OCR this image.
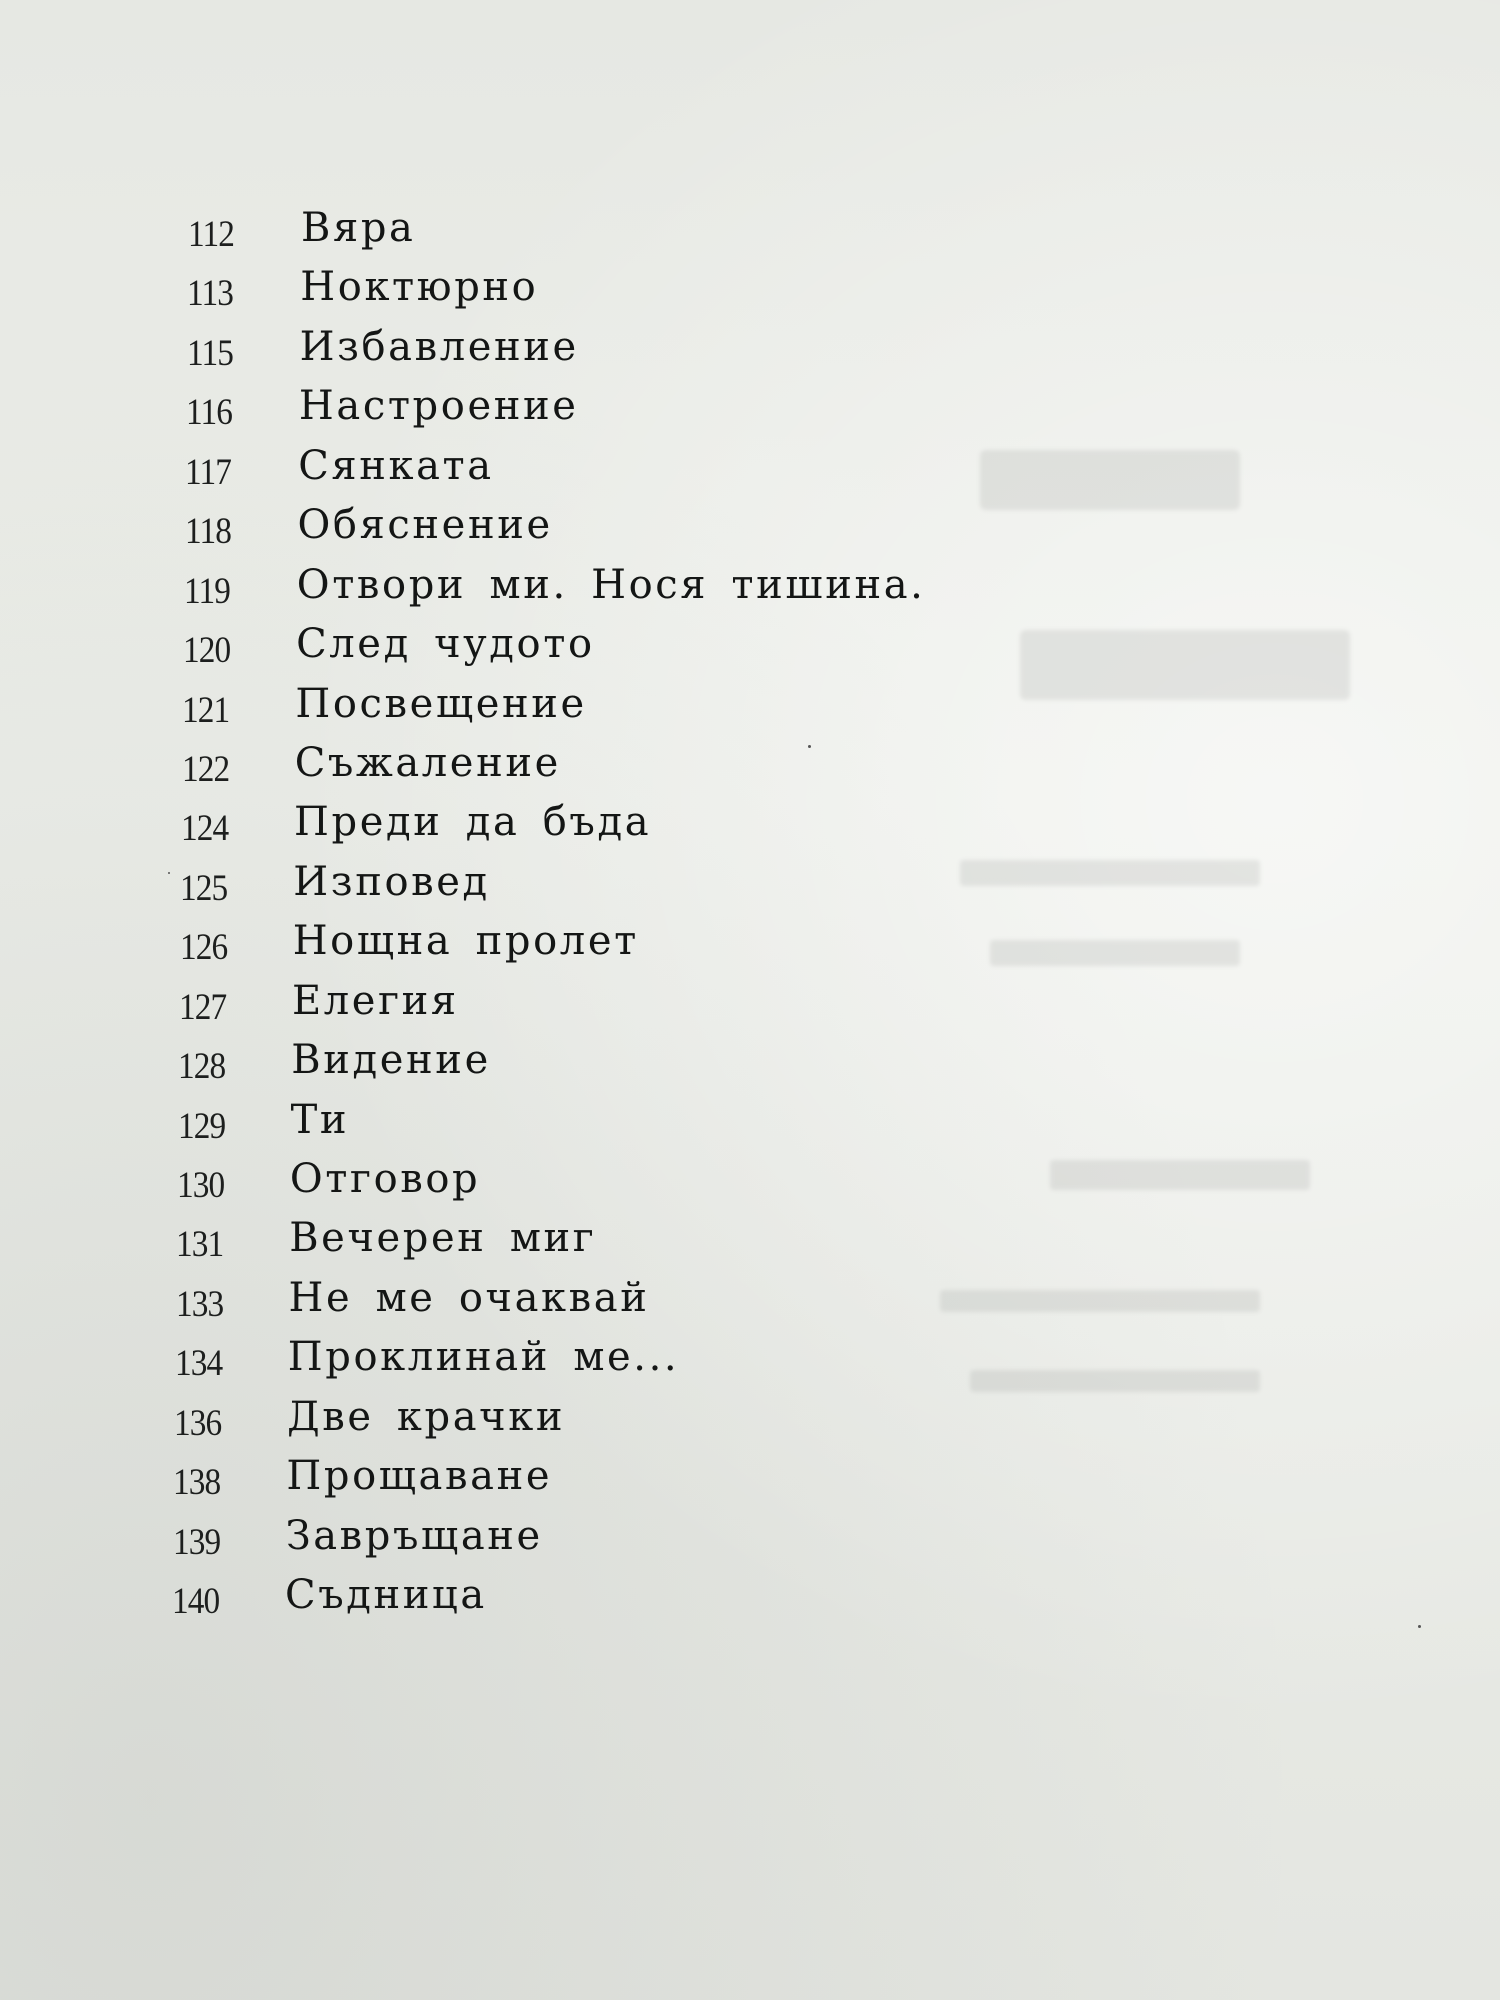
112	Вяра
113	Ноктюрно
115	Избавление
116	Настроение
117	Сянката
118	Обяснение
119	Отвори ми. Нося тишина.
120	След чудото
121	Посвещение
122	Съжаление
124	Преди да бъда
125	Изповед
126	Нощна пролет
127	Елегия
128	Видение
129	Ти
130	Отговор
131	Вечерен миг
133	Не ме очаквай
134	Проклинай ме...
136	Две крачки
138	Прощаване
139	Завръщане
140	Съдница
